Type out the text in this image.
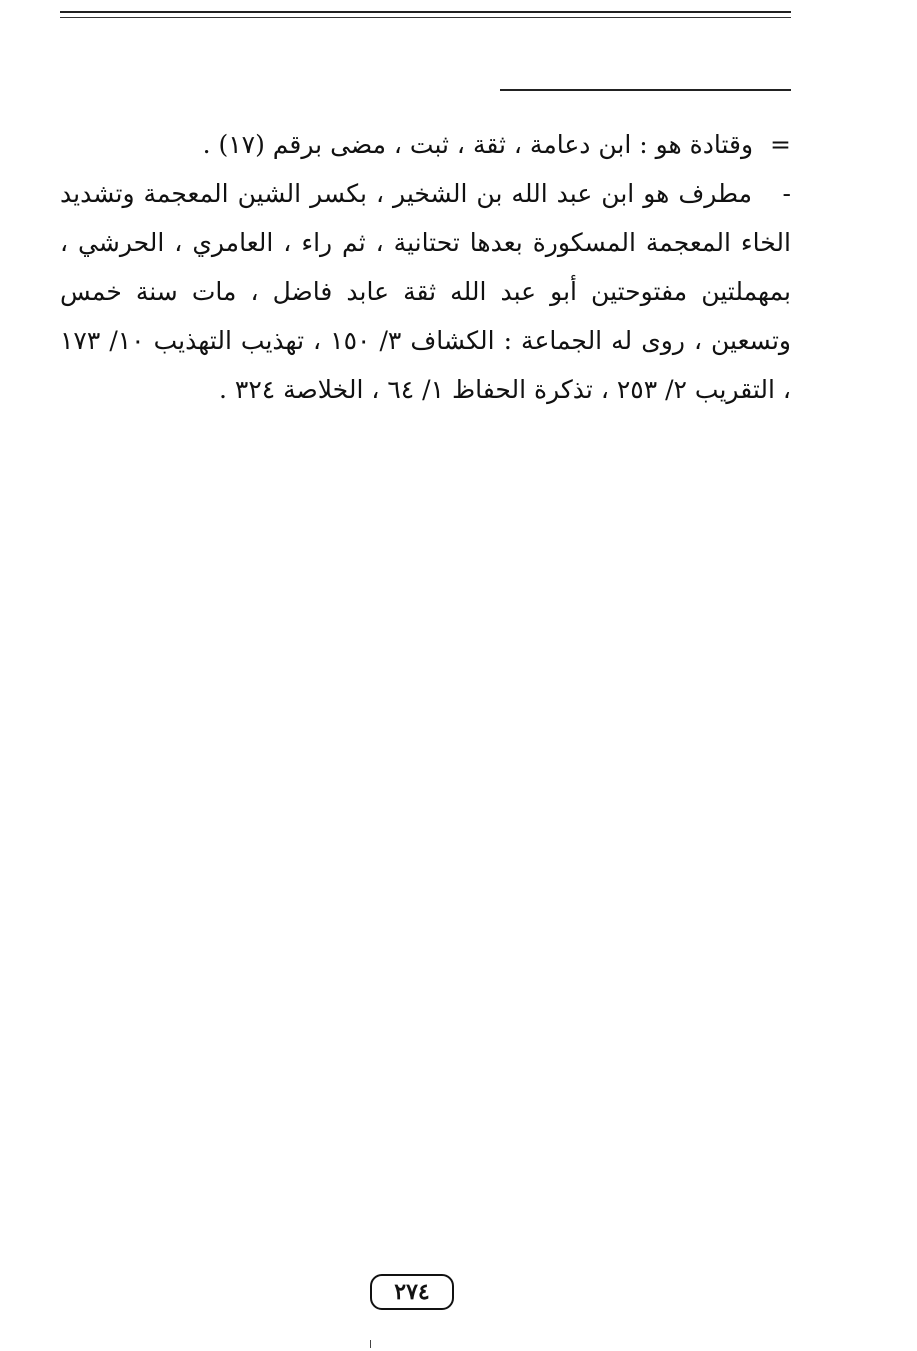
= وقتادة هو : ابن دعامة ، ثقة ، ثبت ، مضى برقم (١٧) .

- مطرف هو ابن عبد الله بن الشخير ، بكسر الشين المعجمة وتشديد الخاء المعجمة المسكورة بعدها تحتانية ، ثم راء ، العامري ، الحرشي ، بمهملتين مفتوحتين أبو عبد الله ثقة عابد فاضل ، مات سنة خمس وتسعين ، روى له الجماعة : الكشاف ٣/ ١٥٠ ، تهذيب التهذيب ١٠/ ١٧٣ ، التقريب ٢/ ٢٥٣ ، تذكرة الحفاظ ١/ ٦٤ ، الخلاصة ٣٢٤ .

٢٧٤
